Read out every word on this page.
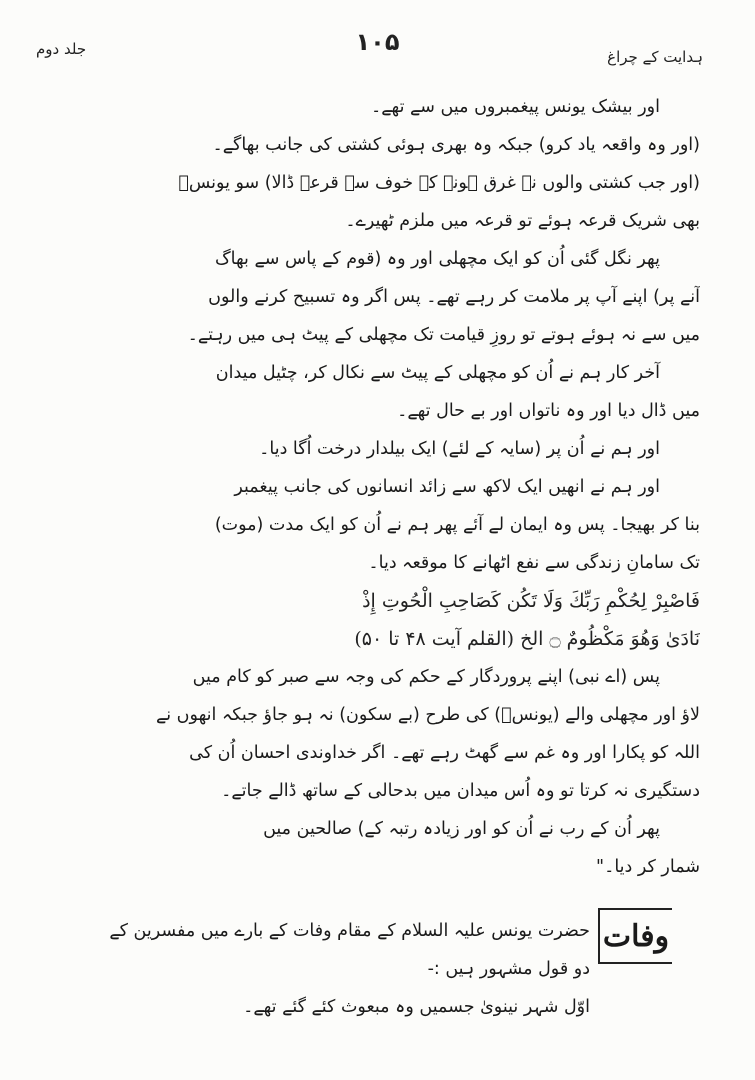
جلد دوم	۱۰۵
ہدایت کے چراغ
اور بیشک یونس پیغمبروں میں سے تھے۔
(اور وہ واقعہ یاد کرو) جبکہ وہ بھری ہوئی کشتی کی جانب بھاگے۔
(اور جب کشتی والوں نے غرق ہونے کے خوف سے قرعہ ڈالا) سو یونسؑ
بھی شریک قرعہ ہوئے تو قرعہ میں ملزم ٹھیرے۔
پھر نگل گئی اُن کو ایک مچھلی اور وہ (قوم کے پاس سے بھاگ
آنے پر) اپنے آپ پر ملامت کر رہے تھے۔ پس اگر وہ تسبیح کرنے والوں
میں سے نہ ہوئے ہوتے تو روزِ قیامت تک مچھلی کے پیٹ ہی میں رہتے۔
آخر کار ہم نے اُن کو مچھلی کے پیٹ سے نکال کر، چٹیل میدان
میں ڈال دیا اور وہ ناتواں اور بے حال تھے۔
اور ہم نے اُن پر (سایہ کے لئے) ایک بیلدار درخت اُگا دیا۔
اور ہم نے انھیں ایک لاکھ سے زائد انسانوں کی جانب پیغمبر
بنا کر بھیجا۔ پس وہ ایمان لے آئے پھر ہم نے اُن کو ایک مدت (موت)
تک سامانِ زندگی سے نفع اٹھانے کا موقعہ دیا۔
فَاصْبِرْ لِحُكْمِ رَبِّكَ وَلَا تَكُن كَصَاحِبِ الْحُوتِ إِذْ
نَادَىٰ وَهُوَ مَكْظُومٌ ۝ الخ (القلم آیت ۴۸ تا ۵۰)
پس (اے نبی) اپنے پروردگار کے حکم کی وجہ سے صبر کو کام میں
لاؤ اور مچھلی والے (یونسؑ) کی طرح (بے سکون) نہ ہو جاؤ جبکہ انھوں نے
اللہ کو پکارا اور وہ غم سے گھٹ رہے تھے۔ اگر خداوندی احسان اُن کی
دستگیری نہ کرتا تو وہ اُس میدان میں بدحالی کے ساتھ ڈالے جاتے۔
پھر اُن کے رب نے اُن کو اور زیادہ رتبہ کے) صالحین میں
شمار کر دیا۔"
وفات
حضرت یونس علیہ السلام کے مقام وفات کے بارے میں مفسرین کے
دو قول مشہور ہیں :-
اوّل شہر نینویٰ جسمیں وہ مبعوث کئے گئے تھے۔
